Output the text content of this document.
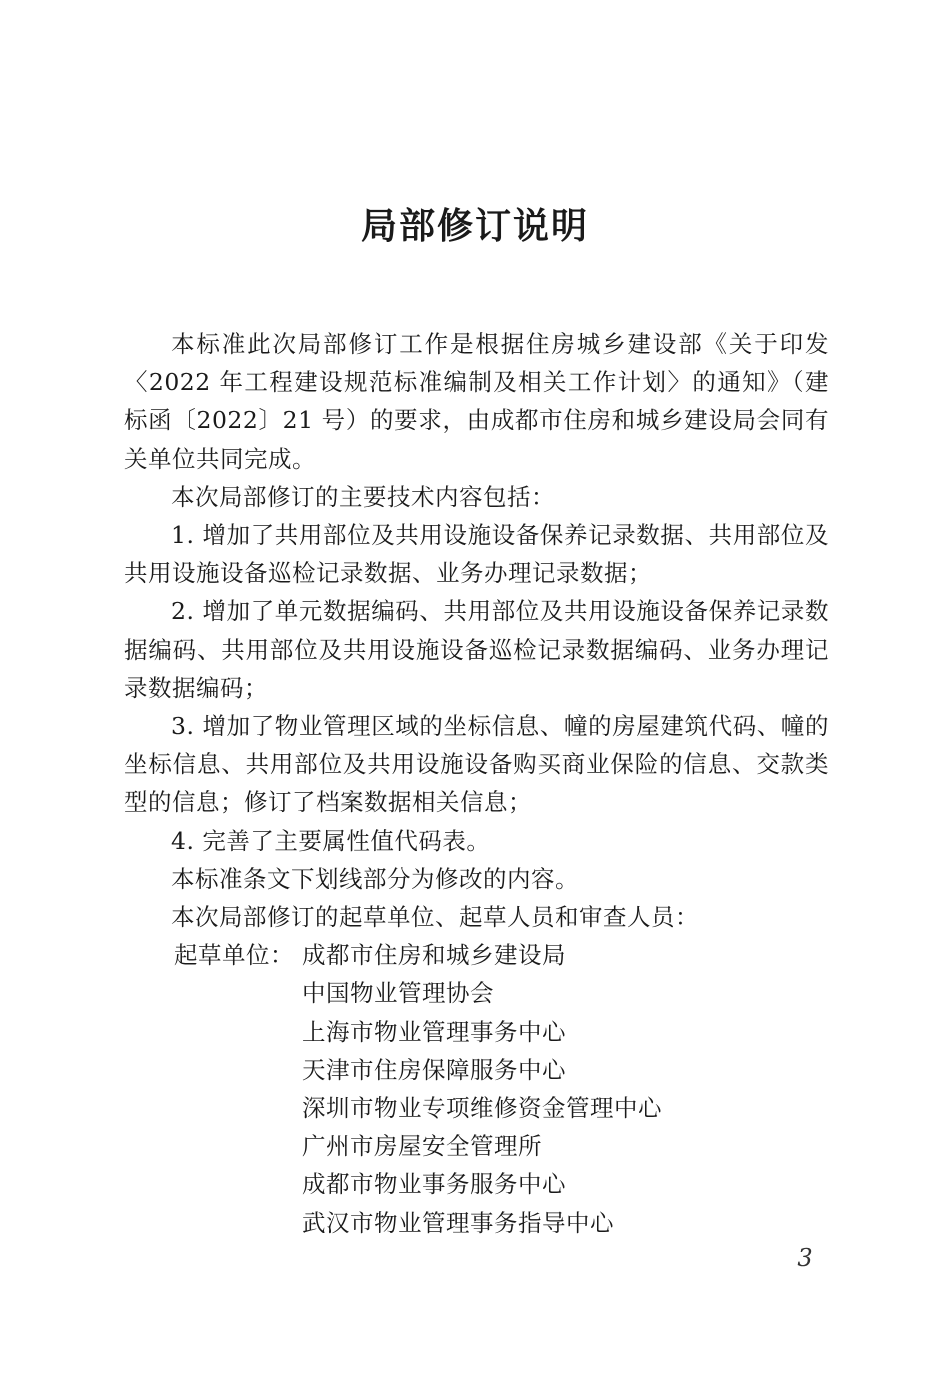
局部修订说明

本标准此次局部修订工作是根据住房城乡建设部《关于印发〈2022 年工程建设规范标准编制及相关工作计划〉的通知》（建标函〔2022〕21 号）的要求，由成都市住房和城乡建设局会同有关单位共同完成。

本次局部修订的主要技术内容包括：

1. 增加了共用部位及共用设施设备保养记录数据、共用部位及共用设施设备巡检记录数据、业务办理记录数据；

2. 增加了单元数据编码、共用部位及共用设施设备保养记录数据编码、共用部位及共用设施设备巡检记录数据编码、业务办理记录数据编码；

3. 增加了物业管理区域的坐标信息、幢的房屋建筑代码、幢的坐标信息、共用部位及共用设施设备购买商业保险的信息、交款类型的信息；修订了档案数据相关信息；

4. 完善了主要属性值代码表。

本标准条文下划线部分为修改的内容。

本次局部修订的起草单位、起草人员和审查人员：

起草单位： 成都市住房和城乡建设局
中国物业管理协会
上海市物业管理事务中心
天津市住房保障服务中心
深圳市物业专项维修资金管理中心
广州市房屋安全管理所
成都市物业事务服务中心
武汉市物业管理事务指导中心
3
